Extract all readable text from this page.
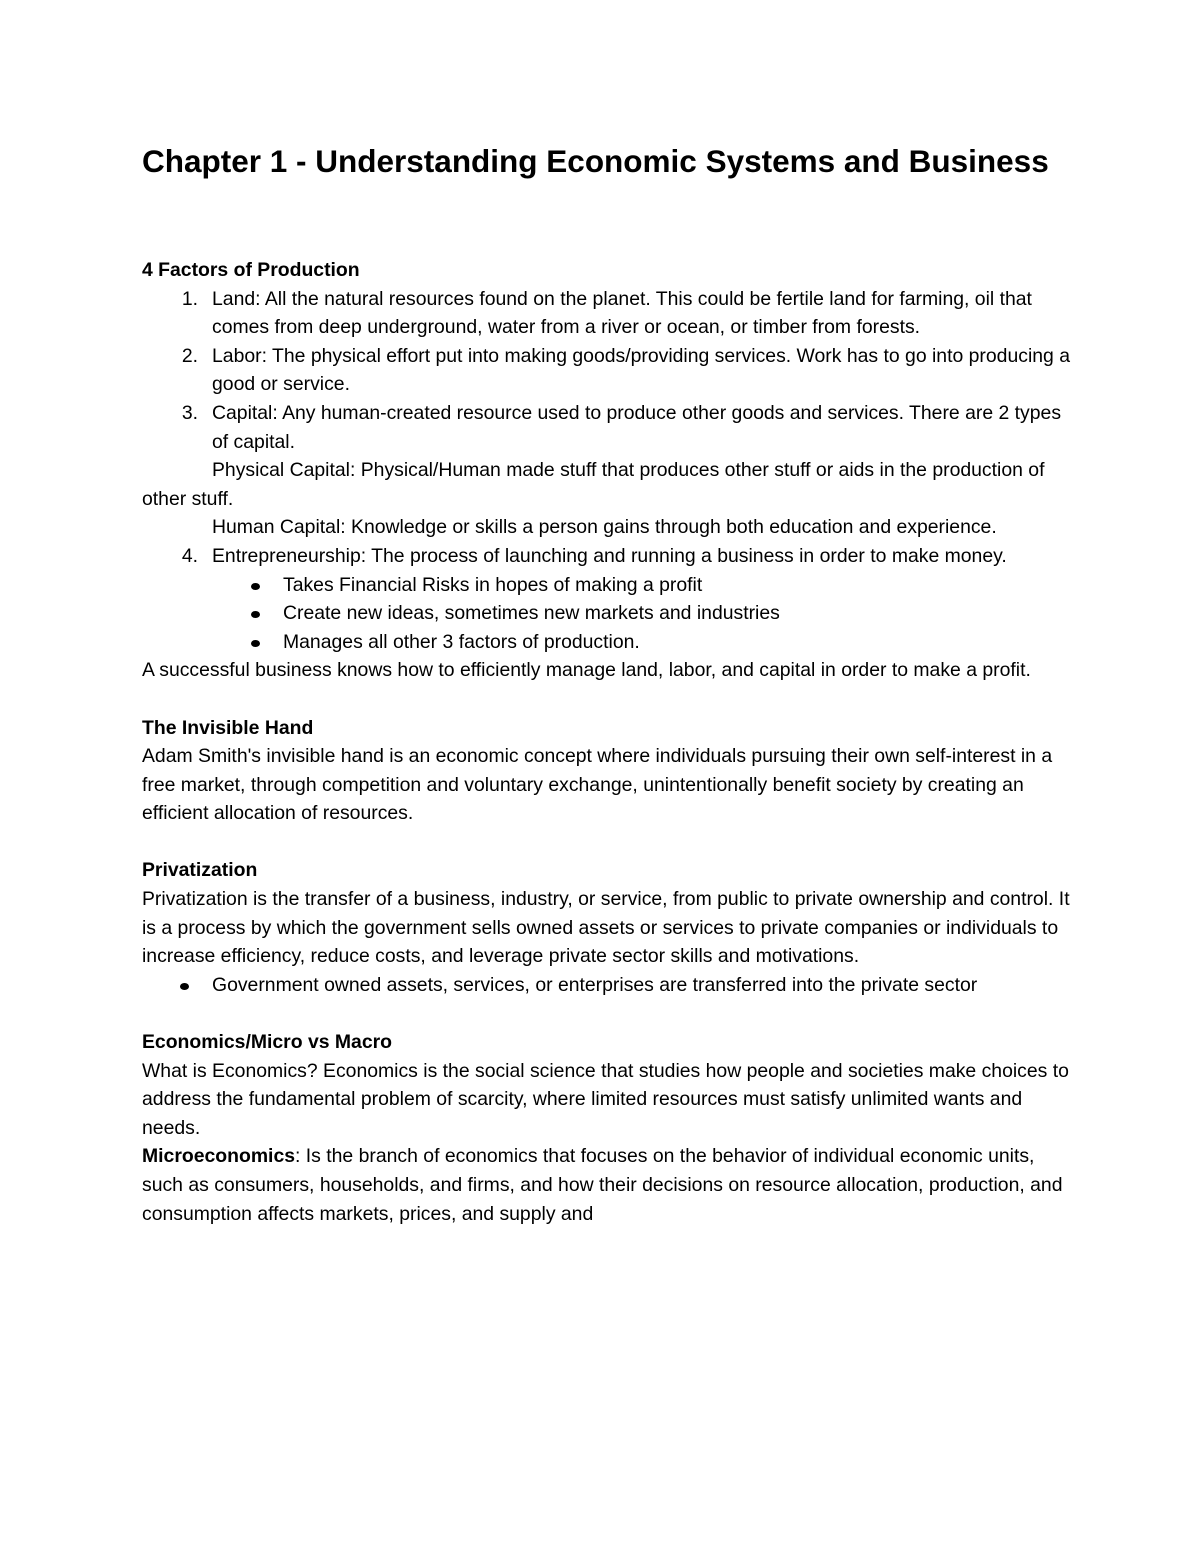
Chapter 1 - Understanding Economic Systems and Business

4 Factors of Production

1. Land: All the natural resources found on the planet. This could be fertile land for farming, oil that comes from deep underground, water from a river or ocean, or timber from forests.
2. Labor: The physical effort put into making goods/providing services. Work has to go into producing a good or service.
3. Capital: Any human-created resource used to produce other goods and services. There are 2 types of capital.

Physical Capital: Physical/Human made stuff that produces other stuff or aids in the production of other stuff.

Human Capital: Knowledge or skills a person gains through both education and experience.

4. Entrepreneurship: The process of launching and running a business in order to make money.
Takes Financial Risks in hopes of making a profit
Create new ideas, sometimes new markets and industries
Manages all other 3 factors of production.

A successful business knows how to efficiently manage land, labor, and capital in order to make a profit.

The Invisible Hand

Adam Smith's invisible hand is an economic concept where individuals pursuing their own self-interest in a free market, through competition and voluntary exchange, unintentionally benefit society by creating an efficient allocation of resources.

Privatization

Privatization is the transfer of a business, industry, or service, from public to private ownership and control. It is a process by which the government sells owned assets or services to private companies or individuals to increase efficiency, reduce costs, and leverage private sector skills and motivations.

Government owned assets, services, or enterprises are transferred into the private sector

Economics/Micro vs Macro

What is Economics? Economics is the social science that studies how people and societies make choices to address the fundamental problem of scarcity, where limited resources must satisfy unlimited wants and needs.

Microeconomics: Is the branch of economics that focuses on the behavior of individual economic units, such as consumers, households, and firms, and how their decisions on resource allocation, production, and consumption affects markets, prices, and supply and
